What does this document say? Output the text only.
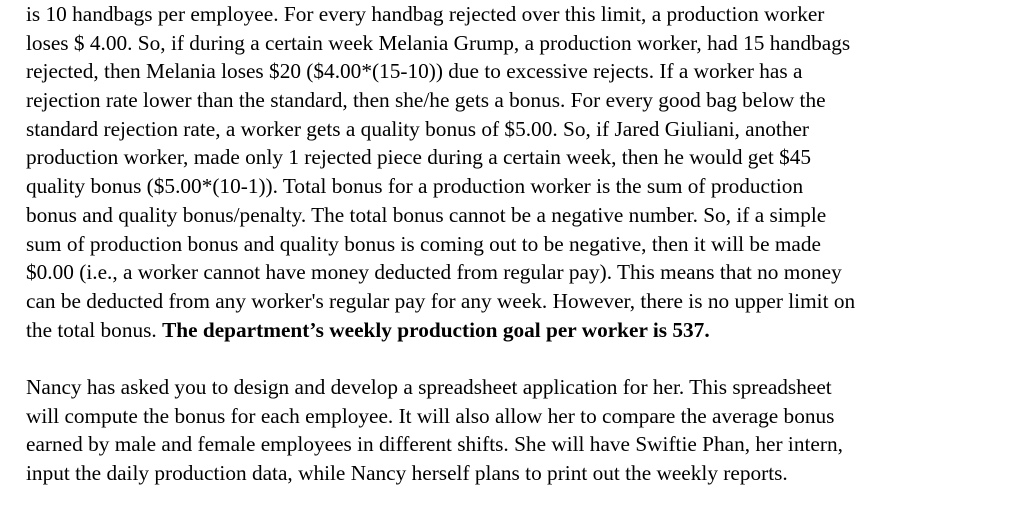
is 10 handbags per employee. For every handbag rejected over this limit, a production worker
loses $ 4.00. So, if during a certain week Melania Grump, a production worker, had 15 handbags
rejected, then Melania loses $20 ($4.00*(15-10)) due to excessive rejects. If a worker has a
rejection rate lower than the standard, then she/he gets a bonus. For every good bag below the
standard rejection rate, a worker gets a quality bonus of $5.00. So, if Jared Giuliani, another
production worker, made only 1 rejected piece during a certain week, then he would get $45
quality bonus ($5.00*(10-1)). Total bonus for a production worker is the sum of production
bonus and quality bonus/penalty. The total bonus cannot be a negative number. So, if a simple
sum of production bonus and quality bonus is coming out to be negative, then it will be made
$0.00 (i.e., a worker cannot have money deducted from regular pay). This means that no money
can be deducted from any worker's regular pay for any week. However, there is no upper limit on
the total bonus. The department’s weekly production goal per worker is 537.
Nancy has asked you to design and develop a spreadsheet application for her. This spreadsheet
will compute the bonus for each employee. It will also allow her to compare the average bonus
earned by male and female employees in different shifts. She will have Swiftie Phan, her intern,
input the daily production data, while Nancy herself plans to print out the weekly reports.
